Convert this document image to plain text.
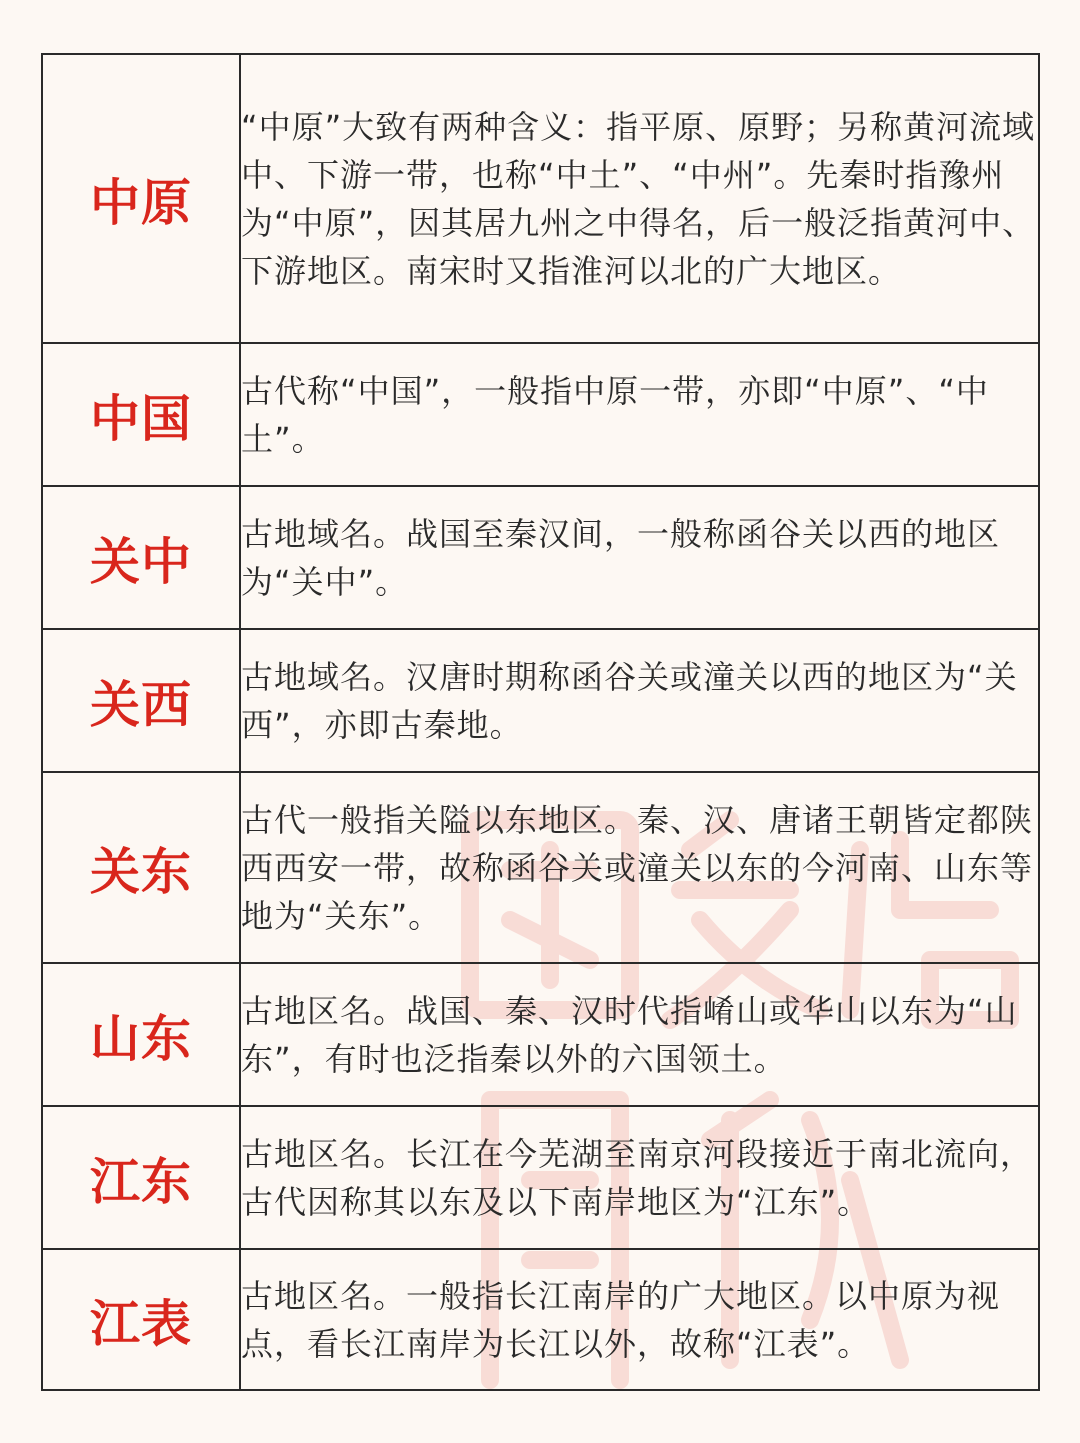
中原	“中原”大致有两种含义：指平原、原野；另称黄河流域中、下游一带，也称“中土”、“中州”。先秦时指豫州为“中原”，因其居九州之中得名，后一般泛指黄河中、下游地区。南宋时又指淮河以北的广大地区。
中国	古代称“中国”，一般指中原一带，亦即“中原”、“中土”。
关中	古地域名。战国至秦汉间，一般称函谷关以西的地区为“关中”。
关西	古地域名。汉唐时期称函谷关或潼关以西的地区为“关西”，亦即古秦地。
关东	古代一般指关隘以东地区。秦、汉、唐诸王朝皆定都陕西西安一带，故称函谷关或潼关以东的今河南、山东等地为“关东”。
山东	古地区名。战国、秦、汉时代指崤山或华山以东为“山东”，有时也泛指秦以外的六国领土。
江东	古地区名。长江在今芜湖至南京河段接近于南北流向，古代因称其以东及以下南岸地区为“江东”。
江表	古地区名。一般指长江南岸的广大地区。以中原为视点，看长江南岸为长江以外，故称“江表”。
